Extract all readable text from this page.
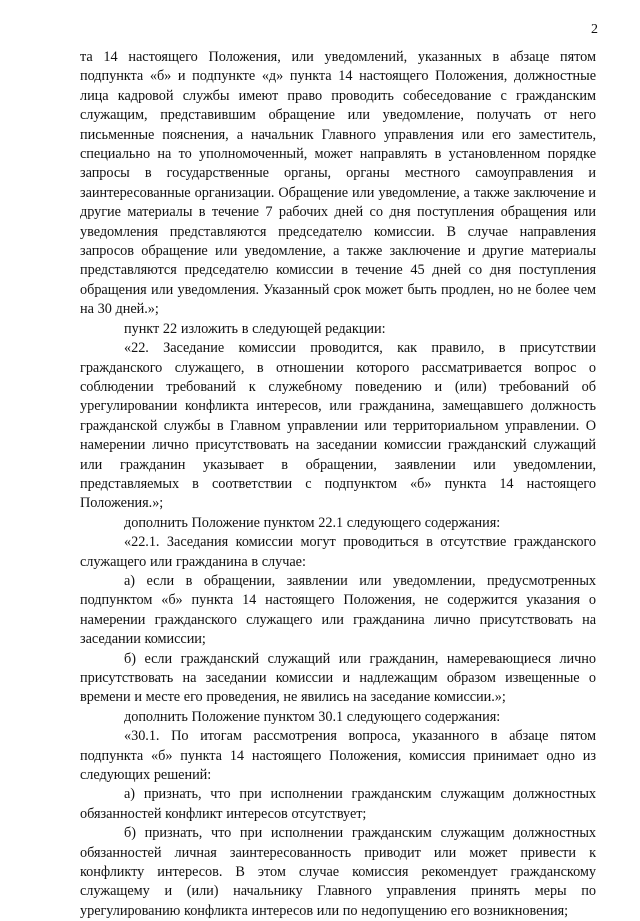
2

та 14 настоящего Положения, или уведомлений, указанных в абзаце пятом подпункта «б» и подпункте «д» пункта 14 настоящего Положения, должностные лица кадровой службы имеют право проводить собеседование с гражданским служащим, представившим обращение или уведомление, получать от него письменные пояснения, а начальник Главного управления или его заместитель, специально на то уполномоченный, может направлять в установленном порядке запросы в государственные органы, органы местного самоуправления и заинтересованные организации. Обращение или уведомление, а также заключение и другие материалы в течение 7 рабочих дней со дня поступления обращения или уведомления представляются председателю комиссии. В случае направления запросов обращение или уведомление, а также заключение и другие материалы представляются председателю комиссии в течение 45 дней со дня поступления обращения или уведомления. Указанный срок может быть продлен, но не более чем на 30 дней.»;

пункт 22 изложить в следующей редакции:

«22. Заседание комиссии проводится, как правило, в присутствии гражданского служащего, в отношении которого рассматривается вопрос о соблюдении требований к служебному поведению и (или) требований об урегулировании конфликта интересов, или гражданина, замещавшего должность гражданской службы в Главном управлении или территориальном управлении. О намерении лично присутствовать на заседании комиссии гражданский служащий или гражданин указывает в обращении, заявлении или уведомлении, представляемых в соответствии с подпунктом «б» пункта 14 настоящего Положения.»;

дополнить Положение пунктом 22.1 следующего содержания:

«22.1. Заседания комиссии могут проводиться в отсутствие гражданского служащего или гражданина в случае:

а) если в обращении, заявлении или уведомлении, предусмотренных подпунктом «б» пункта 14 настоящего Положения, не содержится указания о намерении гражданского служащего или гражданина лично присутствовать на заседании комиссии;

б) если гражданский служащий или гражданин, намеревающиеся лично присутствовать на заседании комиссии и надлежащим образом извещенные о времени и месте его проведения, не явились на заседание комиссии.»;

дополнить Положение пунктом 30.1 следующего содержания:

«30.1. По итогам рассмотрения вопроса, указанного в абзаце пятом подпункта «б» пункта 14 настоящего Положения, комиссия принимает одно из следующих решений:

а) признать, что при исполнении гражданским служащим должностных обязанностей конфликт интересов отсутствует;

б) признать, что при исполнении гражданским служащим должностных обязанностей личная заинтересованность приводит или может привести к конфликту интересов. В этом случае комиссия рекомендует гражданскому служащему и (или) начальнику Главного управления принять меры по урегулированию конфликта интересов или по недопущению его возникновения;
